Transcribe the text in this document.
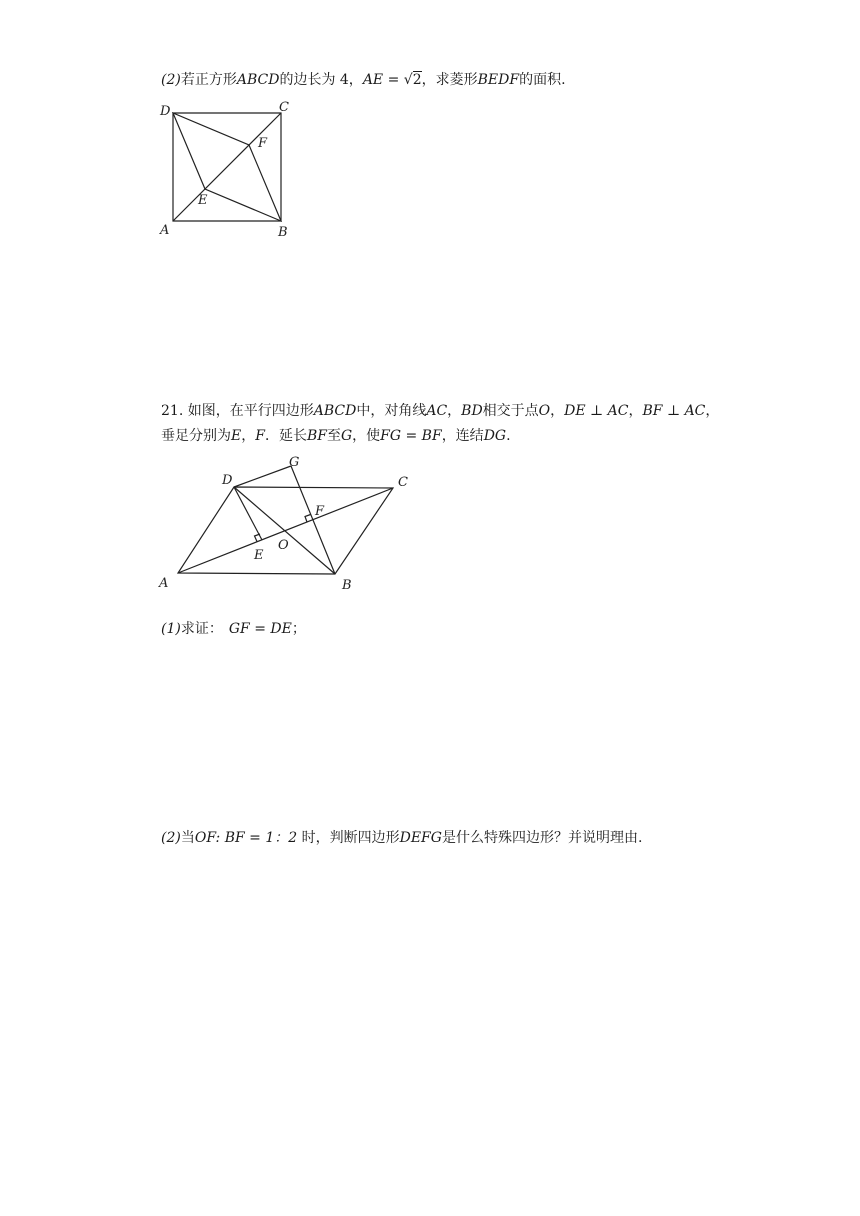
(2)若正方形ABCD的边长为 4，AE = √2，求菱形BEDF的面积.
D	C
F
E
A	B
21. 如图，在平行四边形ABCD中，对角线AC，BD相交于点O，DE ⊥ AC，BF ⊥ AC，
垂足分别为E，F．延长BF至G，使FG = BF，连结DG.
D
G
C
F
O
E
A	B
(1)求证： GF = DE；
(2)当OF: BF = 1：2 时，判断四边形DEFG是什么特殊四边形？并说明理由.
